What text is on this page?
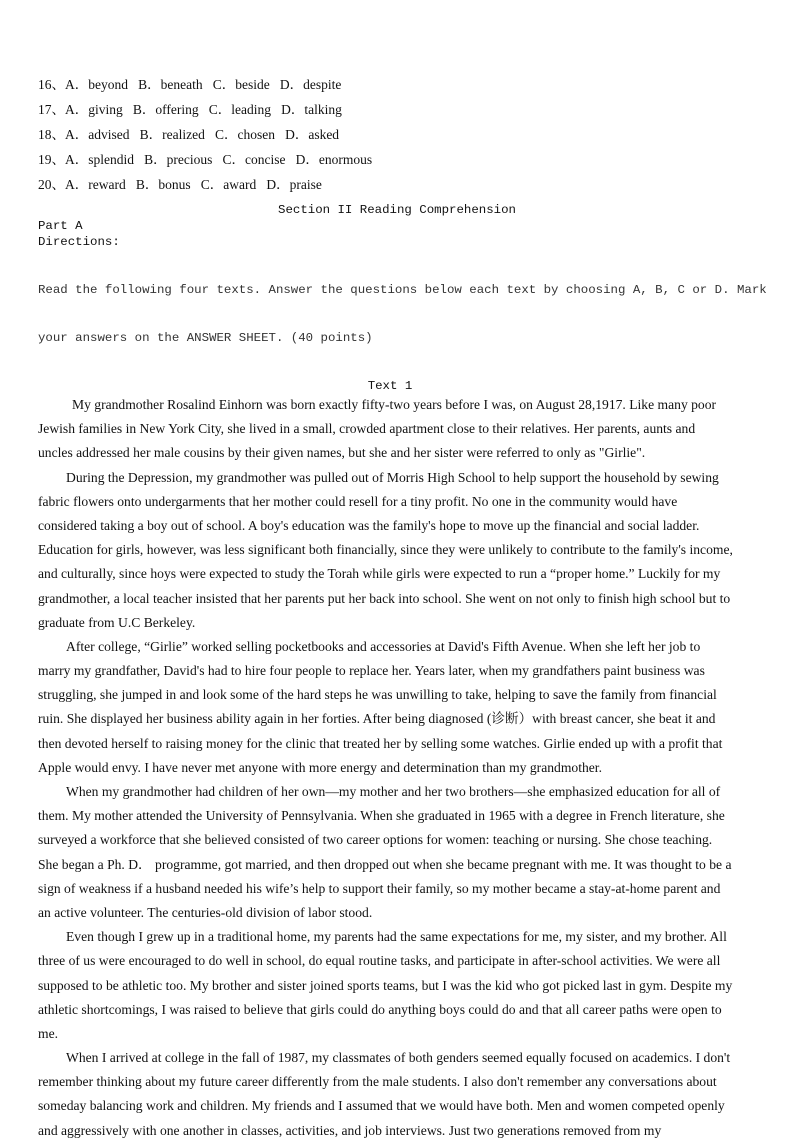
16、A．beyond   B．beneath   C．beside   D．despite
17、A．giving   B．offering   C．leading   D．talking
18、A．advised   B．realized   C．chosen   D．asked
19、A．splendid   B．precious   C．concise   D．enormous
20、A．reward   B．bonus   C．award   D．praise
Section II Reading Comprehension
Part A
Directions:

Read the following four texts. Answer the questions below each text by choosing A, B, C or D. Mark

your answers on the ANSWER SHEET. (40 points)

Text 1
My grandmother Rosalind Einhorn was born exactly fifty-two years before I was, on August 28,1917. Like many poor
Jewish families in New York City, she lived in a small, crowded apartment close to their relatives. Her parents, aunts and
uncles addressed her male cousins by their given names, but she and her sister were referred to only as "Girlie".
During the Depression, my grandmother was pulled out of Morris High School to help support the household by sewing
fabric flowers onto undergarments that her mother could resell for a tiny profit. No one in the community would have
considered taking a boy out of school. A boy's education was the family's hope to move up the financial and social ladder.
Education for girls, however, was less significant both financially, since they were unlikely to contribute to the family's income,
and culturally, since hoys were expected to study the Torah while girls were expected to run a “proper home.” Luckily for my
grandmother, a local teacher insisted that her parents put her back into school. She went on not only to finish high school but to
graduate from U.C Berkeley.
After college, “Girlie” worked selling pocketbooks and accessories at David's Fifth Avenue. When she left her job to
marry my grandfather, David's had to hire four people to replace her. Years later, when my grandfathers paint business was
struggling, she jumped in and look some of the hard steps he was unwilling to take, helping to save the family from financial
ruin. She displayed her business ability again in her forties. After being diagnosed (诊断）with breast cancer, she beat it and
then devoted herself to raising money for the clinic that treated her by selling some watches. Girlie ended up with a profit that
Apple would envy. I have never met anyone with more energy and determination than my grandmother.
When my grandmother had children of her own—my mother and her two brothers—she emphasized education for all of
them. My mother attended the University of Pennsylvania. When she graduated in 1965 with a degree in French literature, she
surveyed a workforce that she believed consisted of two career options for women: teaching or nursing. She chose teaching.
She began a Ph. D． programme, got married, and then dropped out when she became pregnant with me. It was thought to be a
sign of weakness if a husband needed his wife’s help to support their family, so my mother became a stay-at-home parent and
an active volunteer. The centuries-old division of labor stood.
Even though I grew up in a traditional home, my parents had the same expectations for me, my sister, and my brother. All
three of us were encouraged to do well in school, do equal routine tasks, and participate in after-school activities. We were all
supposed to be athletic too. My brother and sister joined sports teams, but I was the kid who got picked last in gym. Despite my
athletic shortcomings, I was raised to believe that girls could do anything boys could do and that all career paths were open to
me.
When I arrived at college in the fall of 1987, my classmates of both genders seemed equally focused on academics. I don't
remember thinking about my future career differently from the male students. I also don't remember any conversations about
someday balancing work and children. My friends and I assumed that we would have both. Men and women competed openly
and aggressively with one another in classes, activities, and job interviews. Just two generations removed from my
